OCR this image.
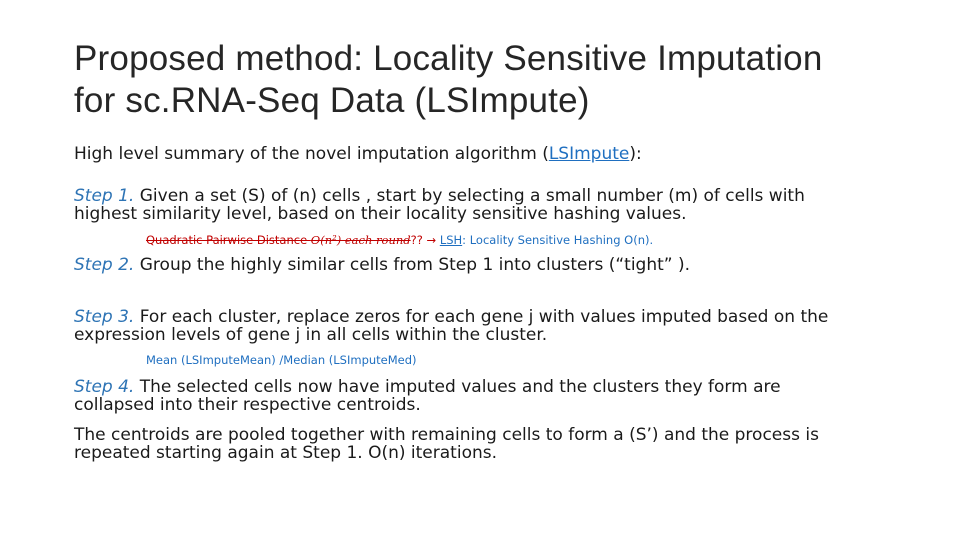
Proposed method: Locality Sensitive Imputation
for sc.RNA-Seq Data (LSImpute)
High level summary of the novel imputation algorithm (LSImpute):
Step 1. Given a set (S) of (n) cells , start by selecting a small number (m) of cells with
highest similarity level, based on their locality sensitive hashing values.
Quadratic Pairwise Distance O(n²) each round?? → LSH: Locality Sensitive Hashing O(n).
Step 2. Group the highly similar cells from Step 1 into clusters (“tight” ).
Step 3. For each cluster, replace zeros for each gene j with values imputed based on the
expression levels of gene j in all cells within the cluster.
Mean (LSImputeMean) /Median (LSImputeMed)
Step 4. The selected cells now have imputed values and the clusters they form are
collapsed into their respective centroids.
The centroids are pooled together with remaining cells to form a (S’) and the process is
repeated starting again at Step 1. O(n) iterations.
